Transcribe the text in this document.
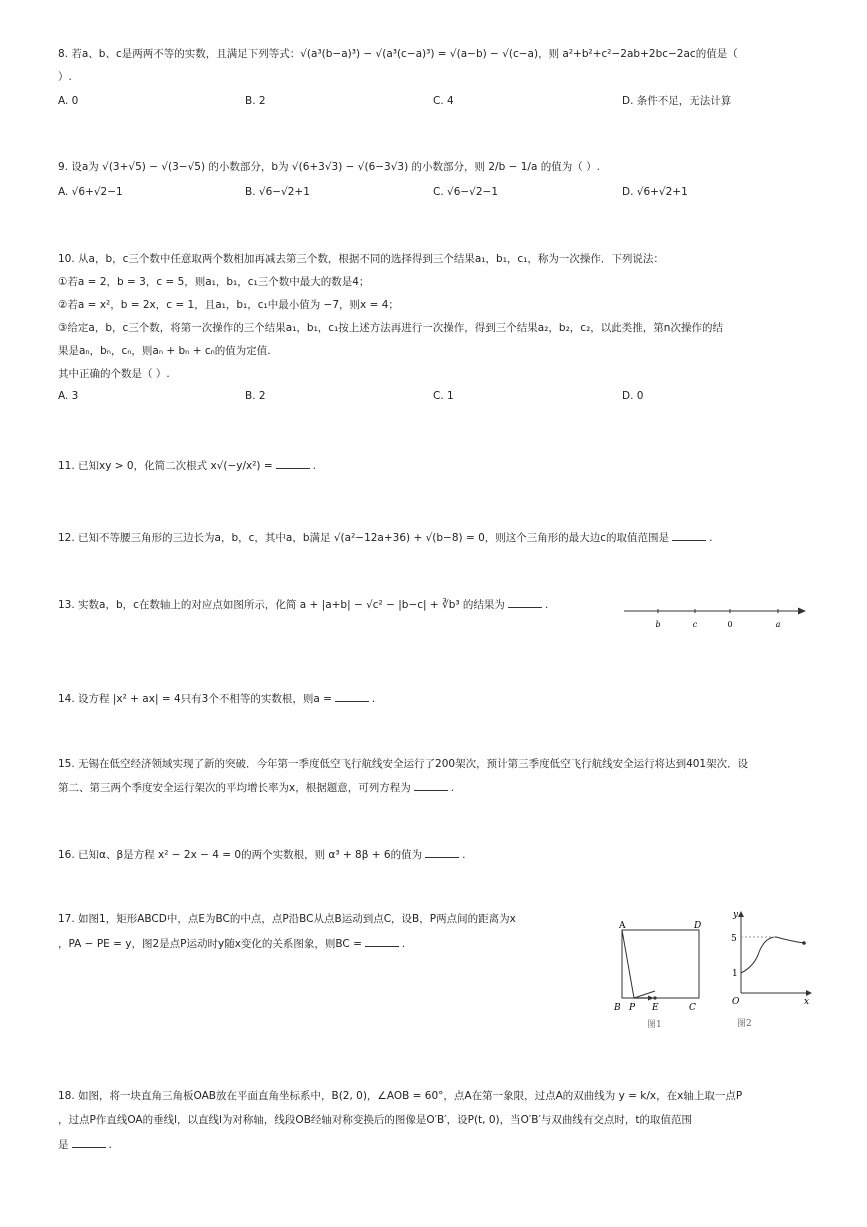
8. 若a、b、c是两两不等的实数，且满足下列等式：√(a³(b−a)³) − √(a³(c−a)³) = √(a−b) − √(c−a)，则 a²+b²+c²−2ab+2bc−2ac的值是（
）.
A. 0	B. 2	C. 4	D. 条件不足，无法计算
9. 设a为 √(3+√5) − √(3−√5) 的小数部分，b为 √(6+3√3) − √(6−3√3) 的小数部分，则 2/b − 1/a 的值为（ ）.
A. √6+√2−1	B. √6−√2+1	C. √6−√2−1	D. √6+√2+1
10. 从a，b，c三个数中任意取两个数相加再减去第三个数，根据不同的选择得到三个结果a₁，b₁，c₁，称为一次操作．下列说法：
①若a = 2，b = 3，c = 5，则a₁，b₁，c₁三个数中最大的数是4；
②若a = x²，b = 2x，c = 1，且a₁，b₁，c₁中最小值为 −7，则x = 4；
③给定a，b，c三个数，将第一次操作的三个结果a₁，b₁，c₁按上述方法再进行一次操作，得到三个结果a₂，b₂，c₂，以此类推，第n次操作的结
果是aₙ，bₙ，cₙ，则aₙ + bₙ + cₙ的值为定值.
其中正确的个数是（ ）.
A. 3	B. 2	C. 1	D. 0
11. 已知xy > 0，化简二次根式 x√(−y/x²) =	.
12. 已知不等腰三角形的三边长为a，b，c，其中a，b满足 √(a²−12a+36) + √(b−8) = 0，则这个三角形的最大边c的取值范围是	.
13. 实数a，b，c在数轴上的对应点如图所示，化简 a + |a+b| − √c² − |b−c| + ∛b³ 的结果为	.
b	c	0	a
14. 设方程 |x² + ax| = 4只有3个不相等的实数根，则a =	.
15. 无锡在低空经济领域实现了新的突破．今年第一季度低空飞行航线安全运行了200架次，预计第三季度低空飞行航线安全运行将达到401架次．设
第二、第三两个季度安全运行架次的平均增长率为x，根据题意，可列方程为	.
16. 已知α、β是方程 x² − 2x − 4 = 0的两个实数根，则 α³ + 8β + 6的值为	.
17. 如图1，矩形ABCD中，点E为BC的中点，点P沿BC从点B运动到点C，设B，P两点间的距离为x
，PA − PE = y，图2是点P运动时y随x变化的关系图象，则BC =	.
A	D
B P E	C
图1
y
5
1
O	x
图2
18. 如图，将一块直角三角板OAB放在平面直角坐标系中，B(2, 0)，∠AOB = 60°，点A在第一象限，过点A的双曲线为 y = k/x，在x轴上取一点P
，过点P作直线OA的垂线l，以直线l为对称轴，线段OB经轴对称变换后的图像是O′B′，设P(t, 0)，当O′B′与双曲线有交点时，t的取值范围
是	.
